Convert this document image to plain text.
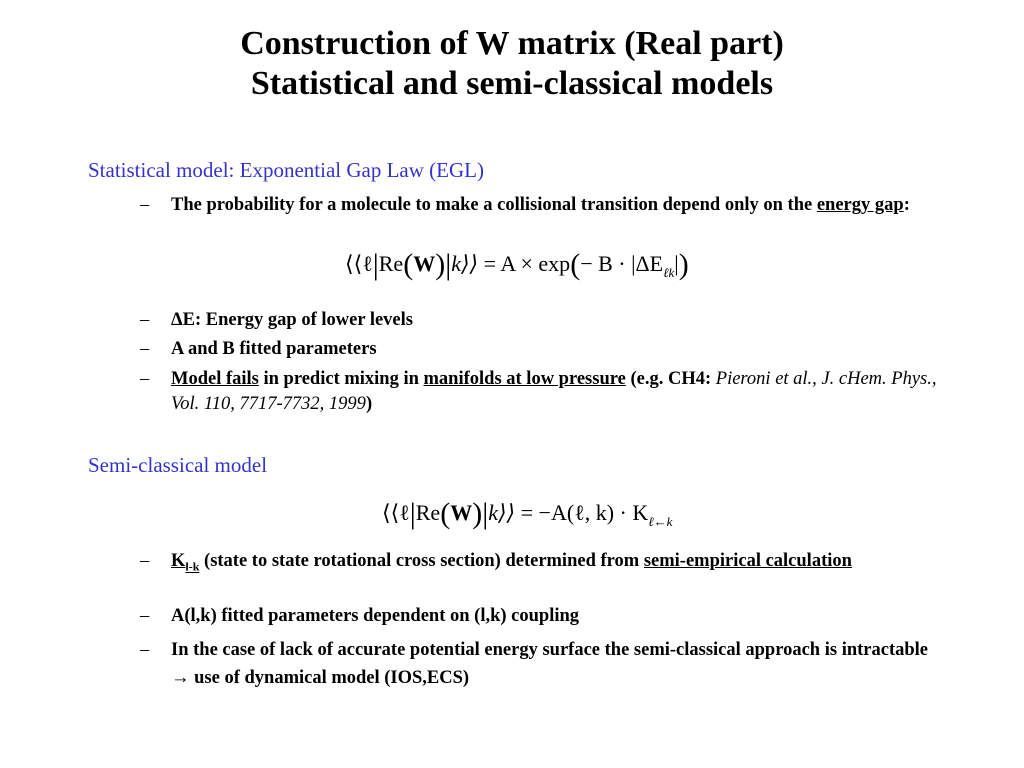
Construction of W matrix (Real part)
Statistical and semi-classical models
Statistical model: Exponential Gap Law (EGL)
– The probability for a molecule to make a collisional transition depend only on the energy gap:
⟨⟨ℓ|Re(W)|k⟩⟩ = $A \times \exp(- B \cdot |\Delta E_{\ell k}|)$
– ΔE: Energy gap of lower levels
– A and B fitted parameters
– Model fails in predict mixing in manifolds at low pressure (e.g. CH4: Pieroni et al., J. cHem. Phys., Vol. 110, 7717-7732, 1999)
Semi-classical model
⟨⟨ℓ|Re(W)|k⟩⟩ = −A(ℓ, $k) \cdot K_{\ell\leftarrow k}$
– $K_{l-k}$ (state to state rotational cross section) determined from semi-empirical calculation
– A(l,k) fitted parameters dependent on (l,k) coupling
– In the case of lack of accurate potential energy surface the semi-classical approach is intractable → use of dynamical model (IOS,ECS)
